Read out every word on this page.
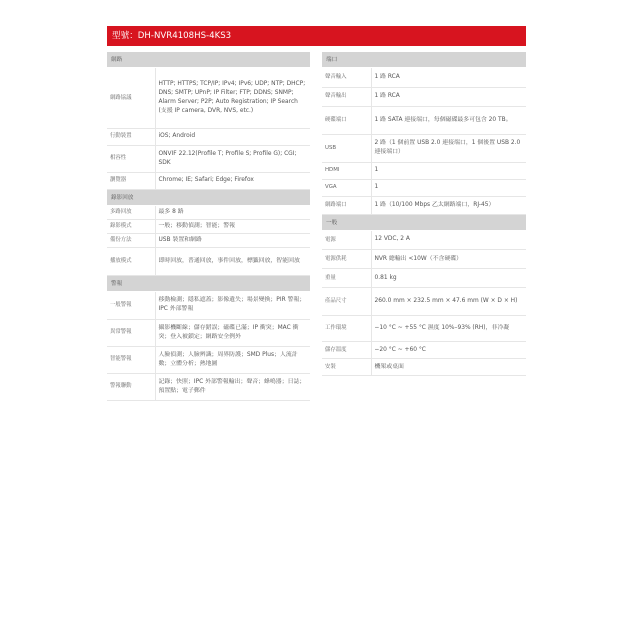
型號：DH-NVR4108HS-4KS3
網路
網路協議	HTTP; HTTPS; TCP/IP; IPv4; IPv6; UDP; NTP; DHCP; DNS; SMTP; UPnP; IP Filter; FTP; DDNS; SNMP; Alarm Server; P2P; Auto Registration; IP Search (支援 IP camera, DVR, NVS, etc.)
行動裝置	iOS; Android
相容性	ONVIF 22.12(Profile T; Profile S; Profile G); CGI; SDK
瀏覽器	Chrome; IE; Safari; Edge; Firefox
錄影回放
多路回放	最多 8 路
錄影模式	一般；移動偵測；智能；警報
備份方法	USB 裝置和網路
播放模式	即時回放，普通回放，事件回放，標籤回放，智能回放
警報
一般警報	移動檢測；隱私遮蓋；影像遺失；場景變換；PIR 警報；IPC 外部警報
異常警報	攝影機斷線；儲存錯誤；磁碟已滿；IP 衝突；MAC 衝突；登入被鎖定；網路安全例外
智能警報	人臉偵測；人臉辨識；周界防護；SMD Plus；人流計數；立體分析；熱地圖
警報聯動	記錄；快照；IPC 外部警報輸出；聲音；蜂鳴器；日誌；預置點；電子郵件
端口
聲音輸入	1 路 RCA
聲音輸出	1 路 RCA
硬碟端口	1 路 SATA 連接端口，每個磁碟最多可包含 20 TB。
USB	2 路（1 個前置 USB 2.0 連接端口，1 個後置 USB 2.0 連接端口）
HDMI	1
VGA	1
網路端口	1 路（10/100 Mbps 乙太網路端口，RJ-45）
一般
電源	12 VDC, 2 A
電源供耗	NVR 總輸出 <10W（不含硬碟）
重量	0.81 kg
產品尺寸	260.0 mm × 232.5 mm × 47.6 mm (W × D × H)
工作環境	−10 °C ~ +55 °C 濕度 10%–93% (RH)，非冷凝
儲存溫度	−20 °C ~ +60 °C
安裝	機架或桌面
